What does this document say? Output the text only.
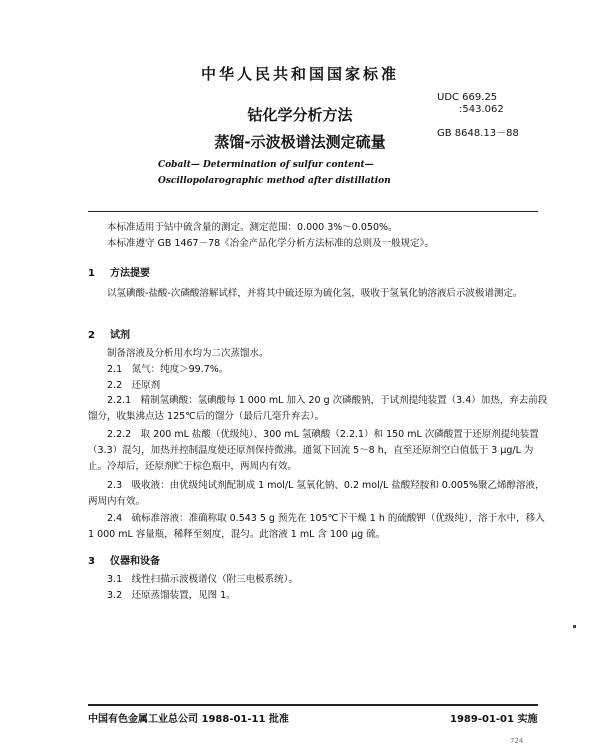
中华人民共和国国家标准
UDC 669.25
:543.062
GB 8648.13－88
钴化学分析方法
蒸馏-示波极谱法测定硫量
Cobalt— Determination of sulfur content—
Oscillopolarographic method after distillation
本标准适用于钴中硫含量的测定。测定范围：0.000 3%～0.050%。
本标准遵守 GB 1467－78《冶金产品化学分析方法标准的总则及一般规定》。
1 方法提要
以氢碘酸-盐酸-次磷酸溶解试样，并将其中硫还原为硫化氢，吸收于氢氧化钠溶液后示波极谱测定。
2 试剂
制备溶液及分析用水均为二次蒸馏水。
2.1　氮气：纯度＞99.7%。
2.2　还原剂
2.2.1　精制氢碘酸：氢碘酸每 1 000 mL 加入 20 g 次磷酸钠，于试剂提纯装置（3.4）加热，弃去前段馏分，收集沸点达 125℃后的馏分（最后几毫升弃去）。
2.2.2　取 200 mL 盐酸（优级纯）、300 mL 氢碘酸（2.2.1）和 150 mL 次磷酸置于还原剂提纯装置（3.3）混匀，加热并控制温度使还原剂保持微沸。通氮下回流 5～8 h，直至还原剂空白值低于 3 μg/L 为止。冷却后，还原剂贮于棕色瓶中，两周内有效。
2.3　吸收液：由优级纯试剂配制成 1 mol/L 氢氧化钠、0.2 mol/L 盐酸羟胺和 0.005%聚乙烯醇溶液，两周内有效。
2.4　硫标准溶液：准确称取 0.543 5 g 预先在 105℃下干燥 1 h 的硫酸钾（优级纯），溶于水中，移入 1 000 mL 容量瓶，稀释至刻度，混匀。此溶液 1 mL 含 100 μg 硫。
3 仪器和设备
3.1　线性扫描示波极谱仪（附三电极系统）。
3.2　还原蒸馏装置，见图 1。
中国有色金属工业总公司 1988-01-11 批准	1989-01-01 实施
724
